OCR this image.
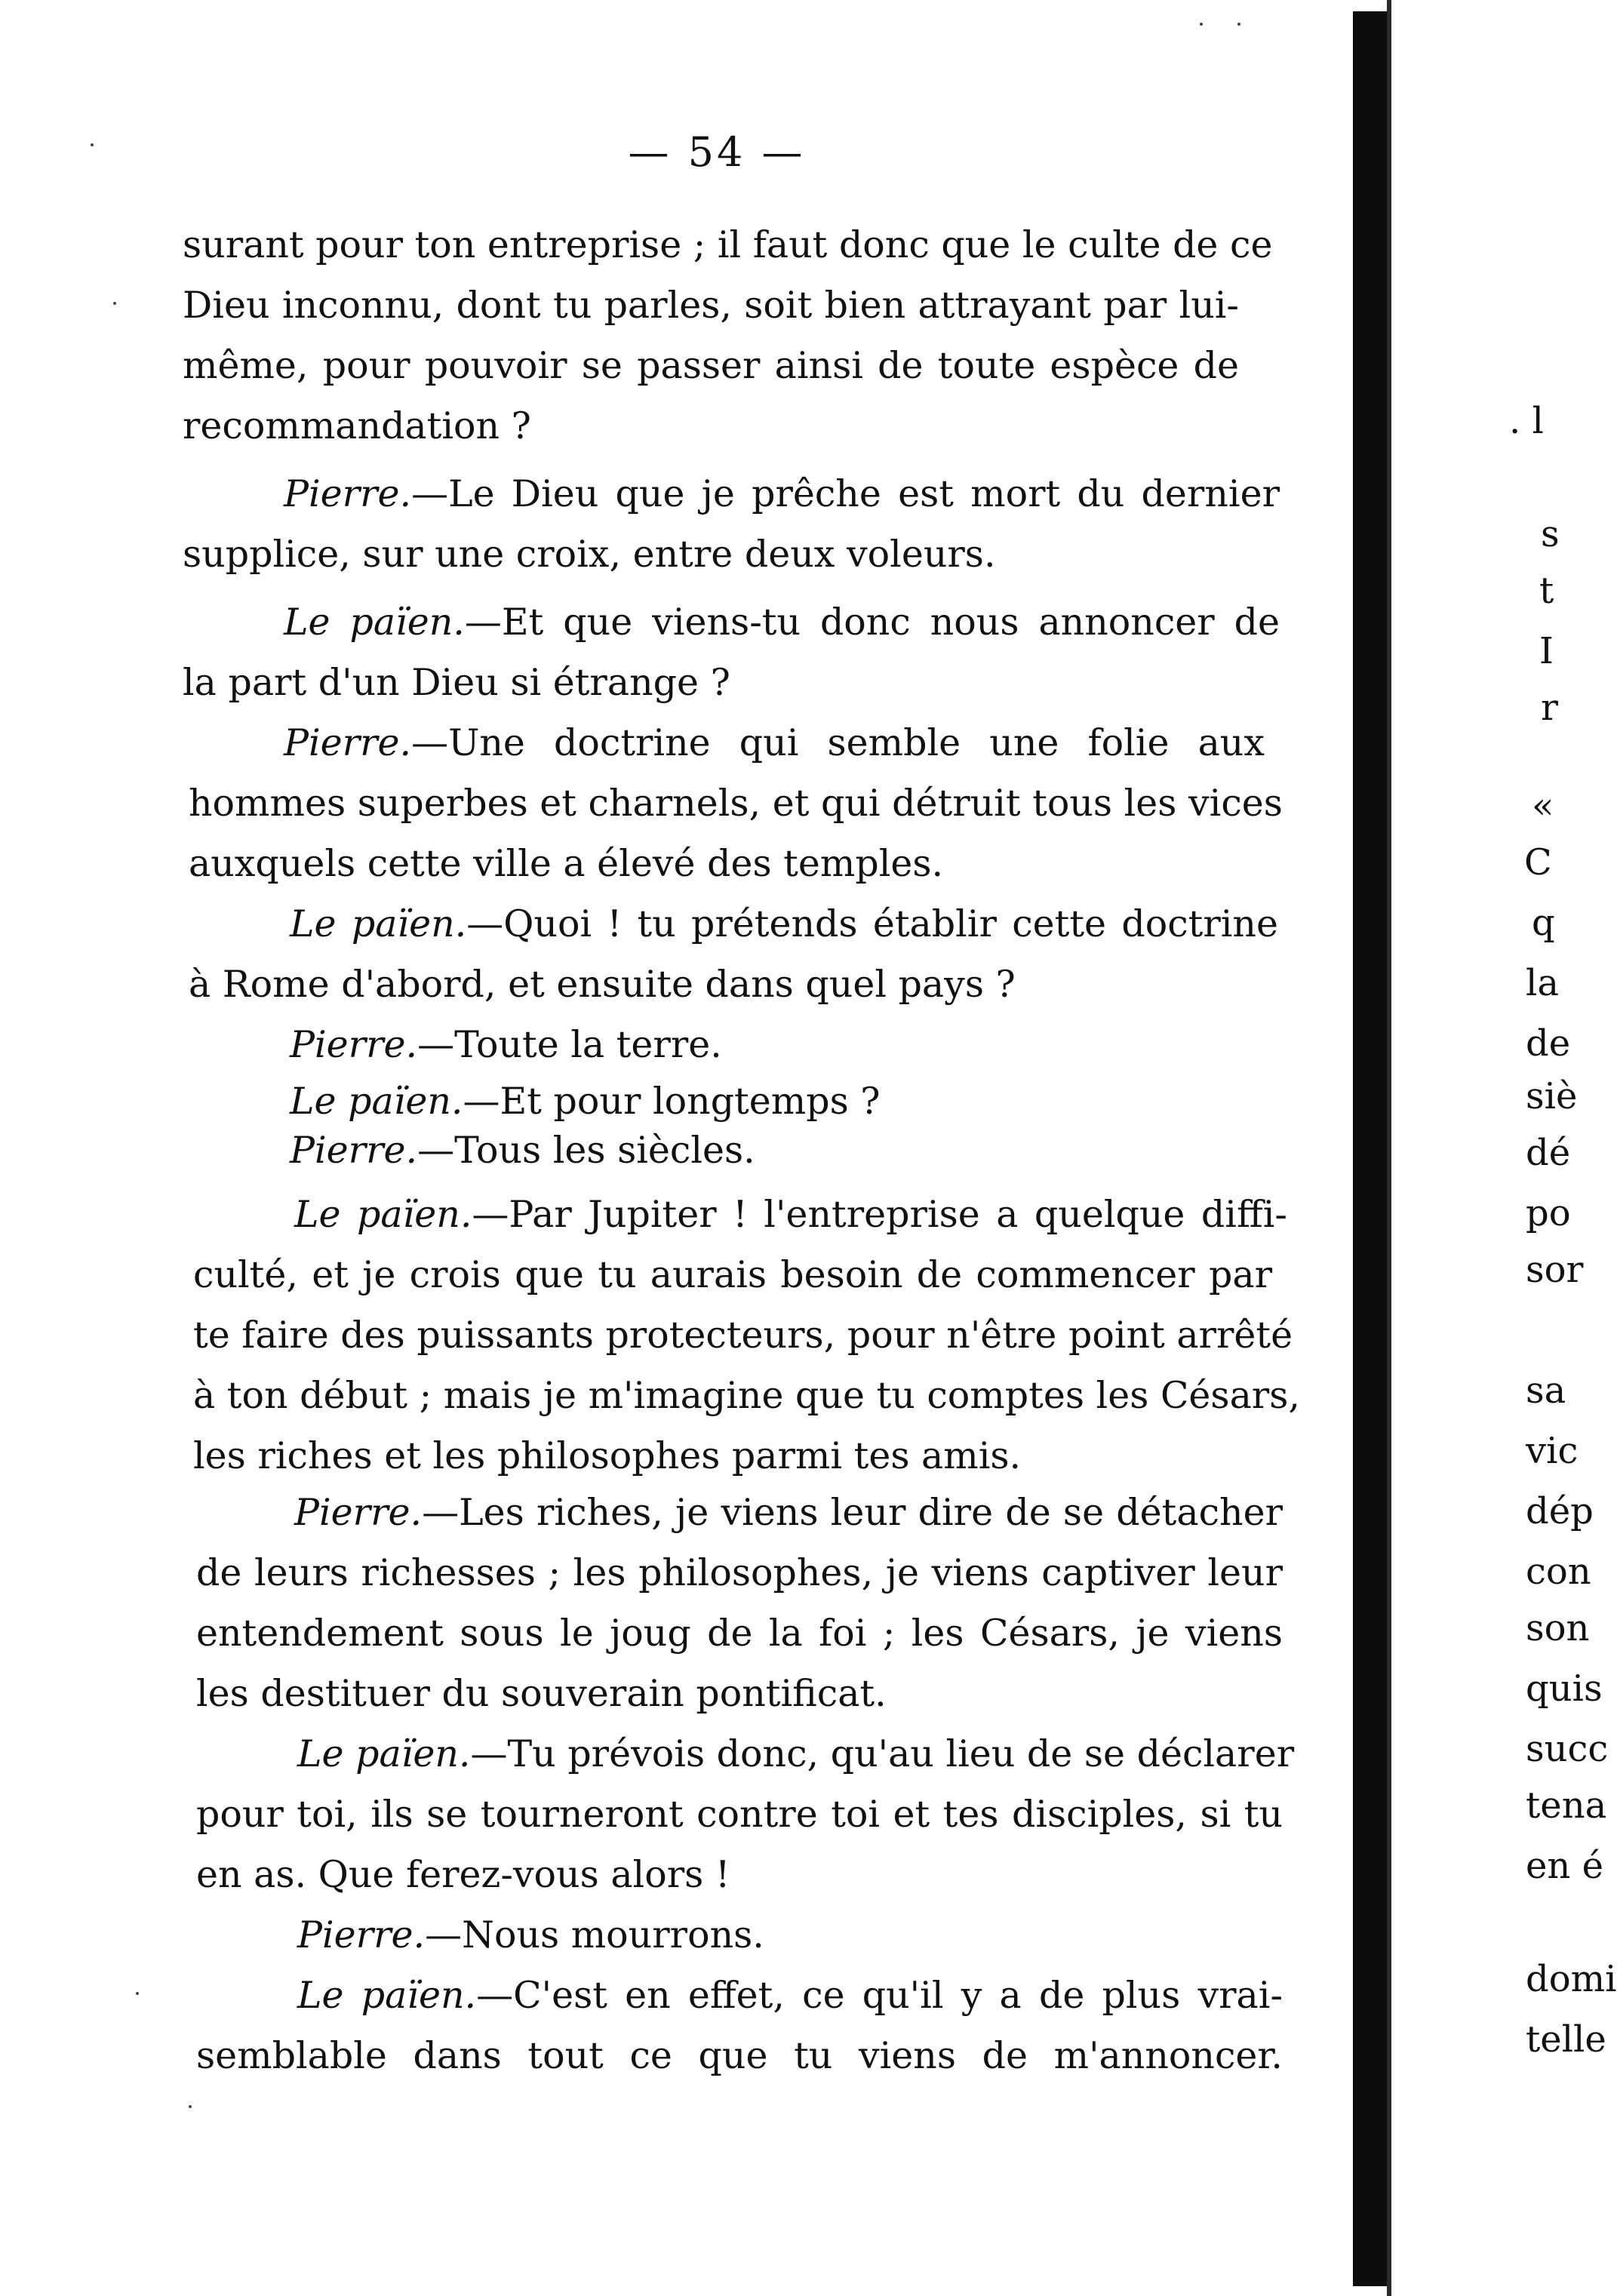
— 54 —
surant pour ton entreprise ; il faut donc que le culte de ce
Dieu inconnu, dont tu parles, soit bien attrayant par lui-
même, pour pouvoir se passer ainsi de toute espèce de
recommandation ?
Pierre.—Le Dieu que je prêche est mort du dernier
supplice, sur une croix, entre deux voleurs.
Le païen.—Et que viens-tu donc nous annoncer de
la part d'un Dieu si étrange ?
Pierre.—Une doctrine qui semble une folie aux
hommes superbes et charnels, et qui détruit tous les vices
auxquels cette ville a élevé des temples.
Le païen.—Quoi ! tu prétends établir cette doctrine
à Rome d'abord, et ensuite dans quel pays ?
Pierre.—Toute la terre.
Le païen.—Et pour longtemps ?
Pierre.—Tous les siècles.
Le païen.—Par Jupiter ! l'entreprise a quelque diffi-
culté, et je crois que tu aurais besoin de commencer par
te faire des puissants protecteurs, pour n'être point arrêté
à ton début ; mais je m'imagine que tu comptes les Césars,
les riches et les philosophes parmi tes amis.
Pierre.—Les riches, je viens leur dire de se détacher
de leurs richesses ; les philosophes, je viens captiver leur
entendement sous le joug de la foi ; les Césars, je viens
les destituer du souverain pontificat.
Le païen.—Tu prévois donc, qu'au lieu de se déclarer
pour toi, ils se tourneront contre toi et tes disciples, si tu
en as. Que ferez-vous alors !
Pierre.—Nous mourrons.
Le païen.—C'est en effet, ce qu'il y a de plus vrai-
semblable dans tout ce que tu viens de m'annoncer.
. l
s
t
I
r
«
C
q
la
de
siè
dé
po
sor
sa
vic
dép
con
son
quis
succ
tena
en é
domi
telle
